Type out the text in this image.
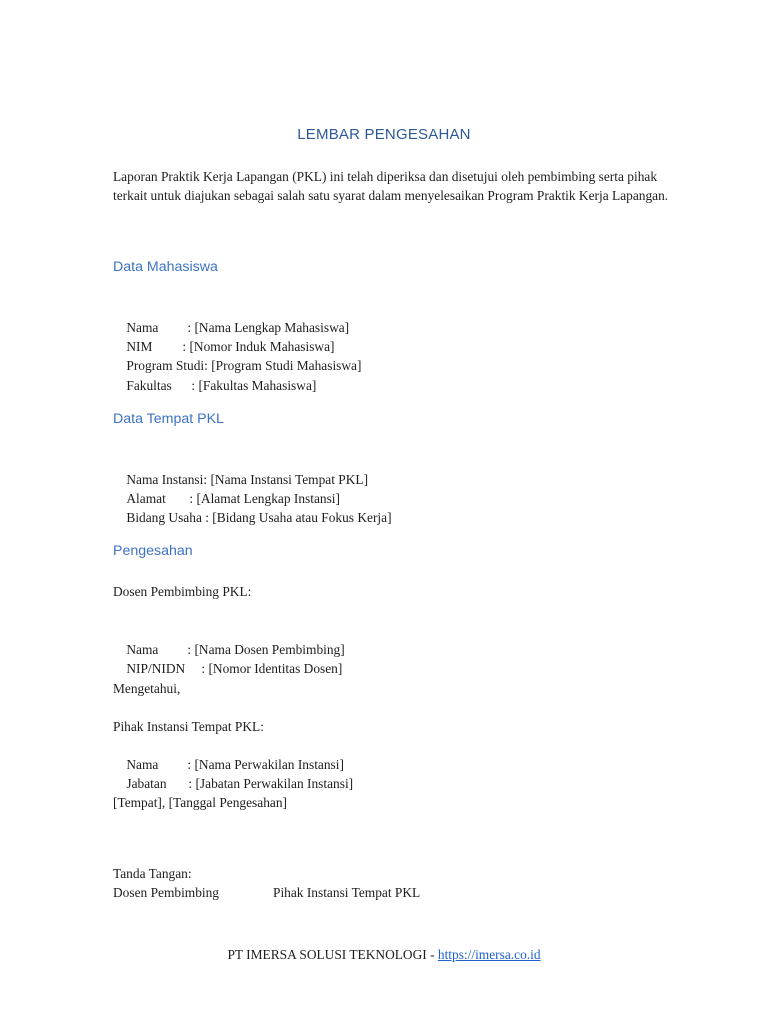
LEMBAR PENGESAHAN
Laporan Praktik Kerja Lapangan (PKL) ini telah diperiksa dan disetujui oleh pembimbing serta pihak terkait untuk diajukan sebagai salah satu syarat dalam menyelesaikan Program Praktik Kerja Lapangan.
Data Mahasiswa

Nama : [Nama Lengkap Mahasiswa]

NIM : [Nomor Induk Mahasiswa]

Program Studi: [Program Studi Mahasiswa]

Fakultas : [Fakultas Mahasiswa]

Data Tempat PKL

Nama Instansi: [Nama Instansi Tempat PKL]

Alamat : [Alamat Lengkap Instansi]

Bidang Usaha : [Bidang Usaha atau Fokus Kerja]

Pengesahan
Dosen Pembimbing PKL:

Nama : [Nama Dosen Pembimbing]

NIP/NIDN : [Nomor Identitas Dosen]

Mengetahui,
Pihak Instansi Tempat PKL:

Nama : [Nama Perwakilan Instansi]

Jabatan : [Jabatan Perwakilan Instansi]

[Tempat], [Tanggal Pengesahan]
Tanda Tangan:
Dosen Pembimbing	Pihak Instansi Tempat PKL
PT IMERSA SOLUSI TEKNOLOGI - https://imersa.co.id
